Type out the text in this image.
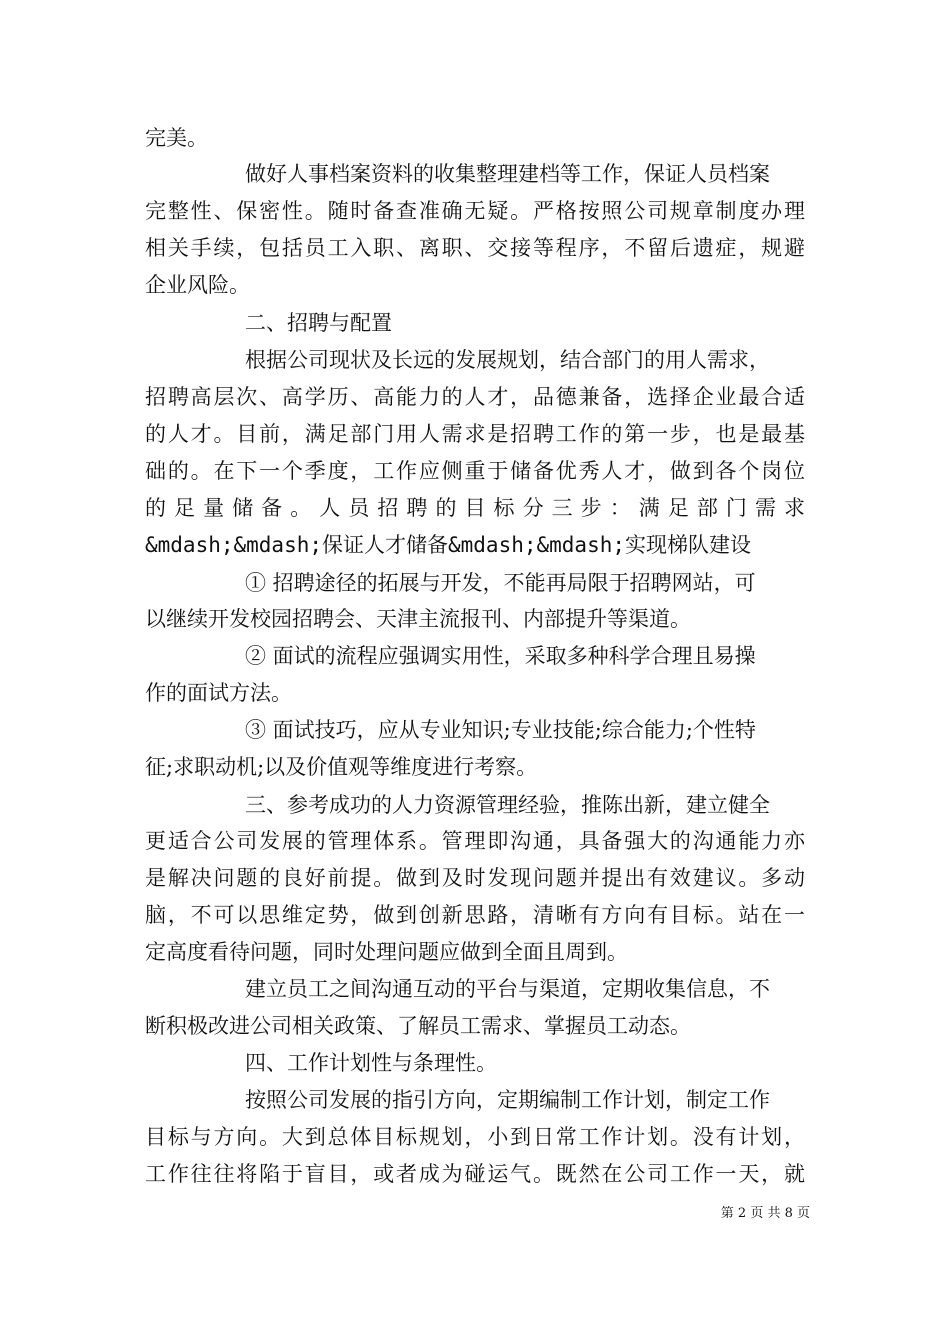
完美。
做好人事档案资料的收集整理建档等工作，保证人员档案
完整性、保密性。随时备查准确无疑。严格按照公司规章制度办理
相关手续，包括员工入职、离职、交接等程序，不留后遗症，规避
企业风险。
二、招聘与配置
根据公司现状及长远的发展规划，结合部门的用人需求，
招聘高层次、高学历、高能力的人才，品德兼备，选择企业最合适
的人才。目前，满足部门用人需求是招聘工作的第一步，也是最基
础的。在下一个季度，工作应侧重于储备优秀人才，做到各个岗位
的足量储备。人员招聘的目标分三步：满足部门需求
&mdash;&mdash;保证人才储备&mdash;&mdash;实现梯队建设
① 招聘途径的拓展与开发，不能再局限于招聘网站，可
以继续开发校园招聘会、天津主流报刊、内部提升等渠道。
② 面试的流程应强调实用性，采取多种科学合理且易操
作的面试方法。
③ 面试技巧，应从专业知识;专业技能;综合能力;个性特
征;求职动机;以及价值观等维度进行考察。
三、参考成功的人力资源管理经验，推陈出新，建立健全
更适合公司发展的管理体系。管理即沟通，具备强大的沟通能力亦
是解决问题的良好前提。做到及时发现问题并提出有效建议。多动
脑，不可以思维定势，做到创新思路，清晰有方向有目标。站在一
定高度看待问题，同时处理问题应做到全面且周到。
建立员工之间沟通互动的平台与渠道，定期收集信息，不
断积极改进公司相关政策、了解员工需求、掌握员工动态。
四、工作计划性与条理性。
按照公司发展的指引方向，定期编制工作计划，制定工作
目标与方向。大到总体目标规划，小到日常工作计划。没有计划，
工作往往将陷于盲目，或者成为碰运气。既然在公司工作一天，就
第 2 页 共 8 页
